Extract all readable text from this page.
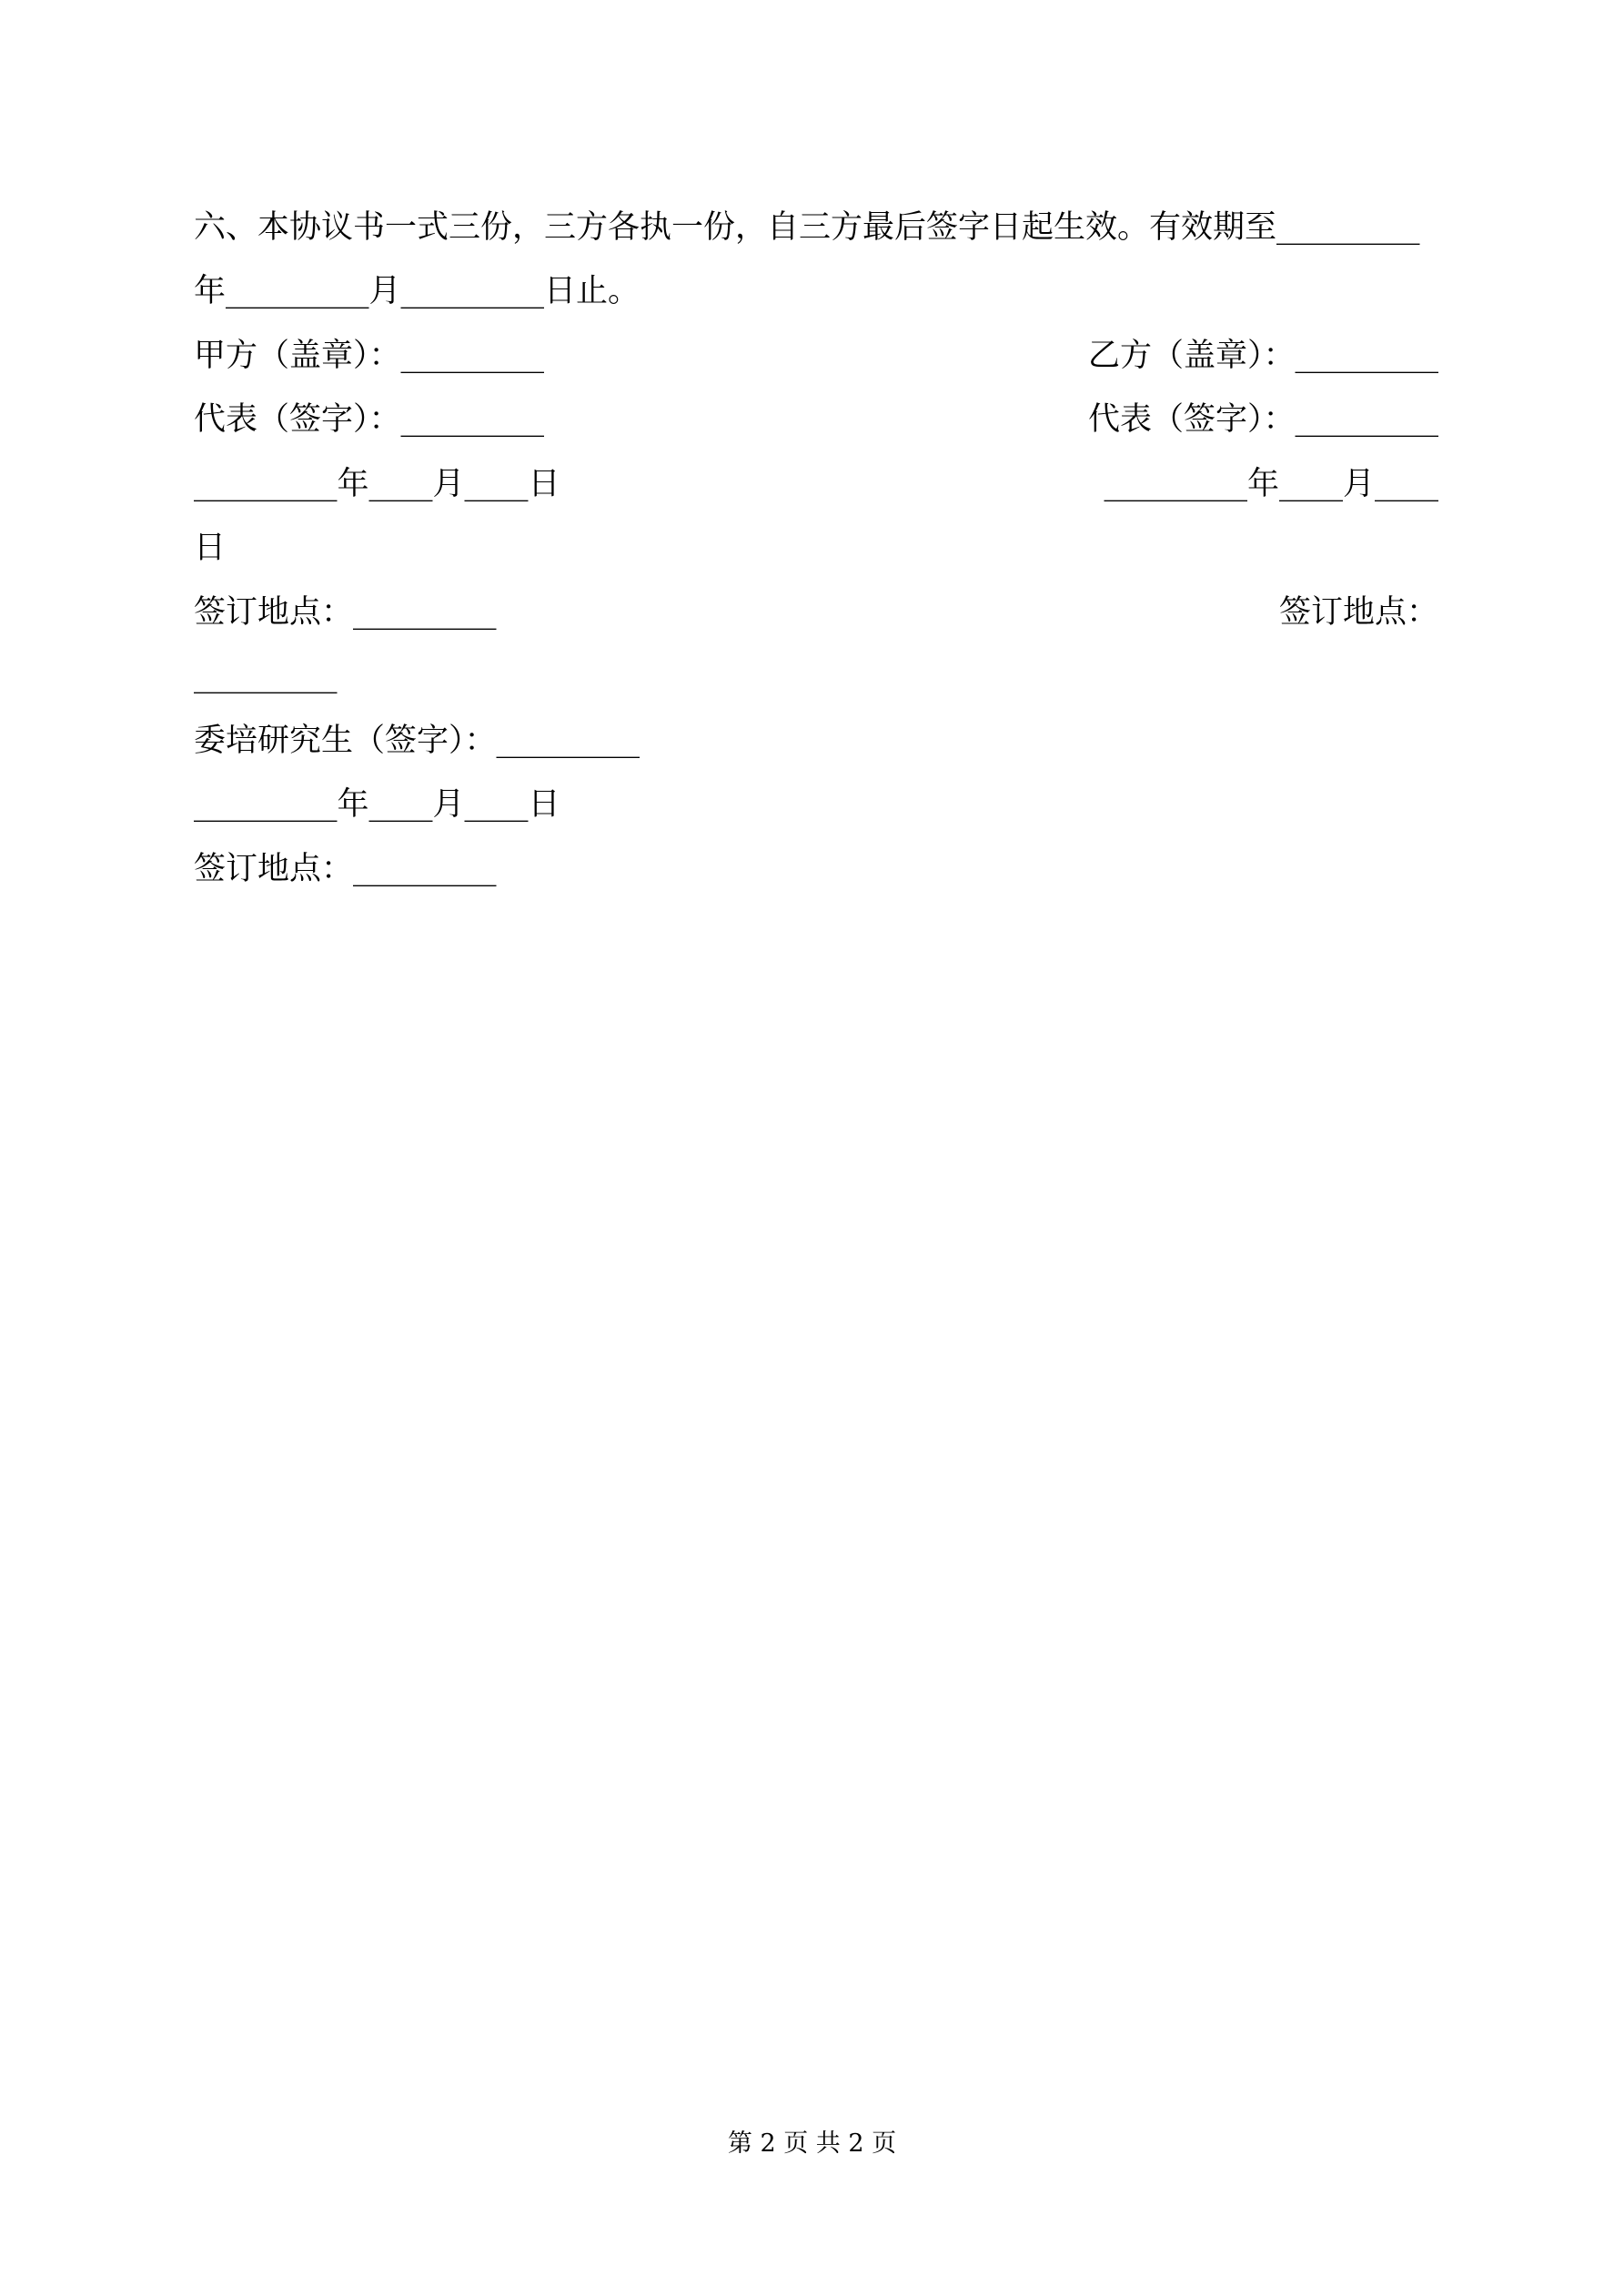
六、本协议书一式三份，三方各执一份，自三方最后签字日起生效。有效期至_________
年_________月_________日止。
甲方（盖章）：_________	乙方（盖章）：_________
代表（签字）：_________	代表（签字）：_________
_________年____月____日	_________年____月____
日
签订地点：_________	签订地点：
_________
委培研究生（签字）：_________
_________年____月____日
签订地点：_________
第 2 页 共 2 页
